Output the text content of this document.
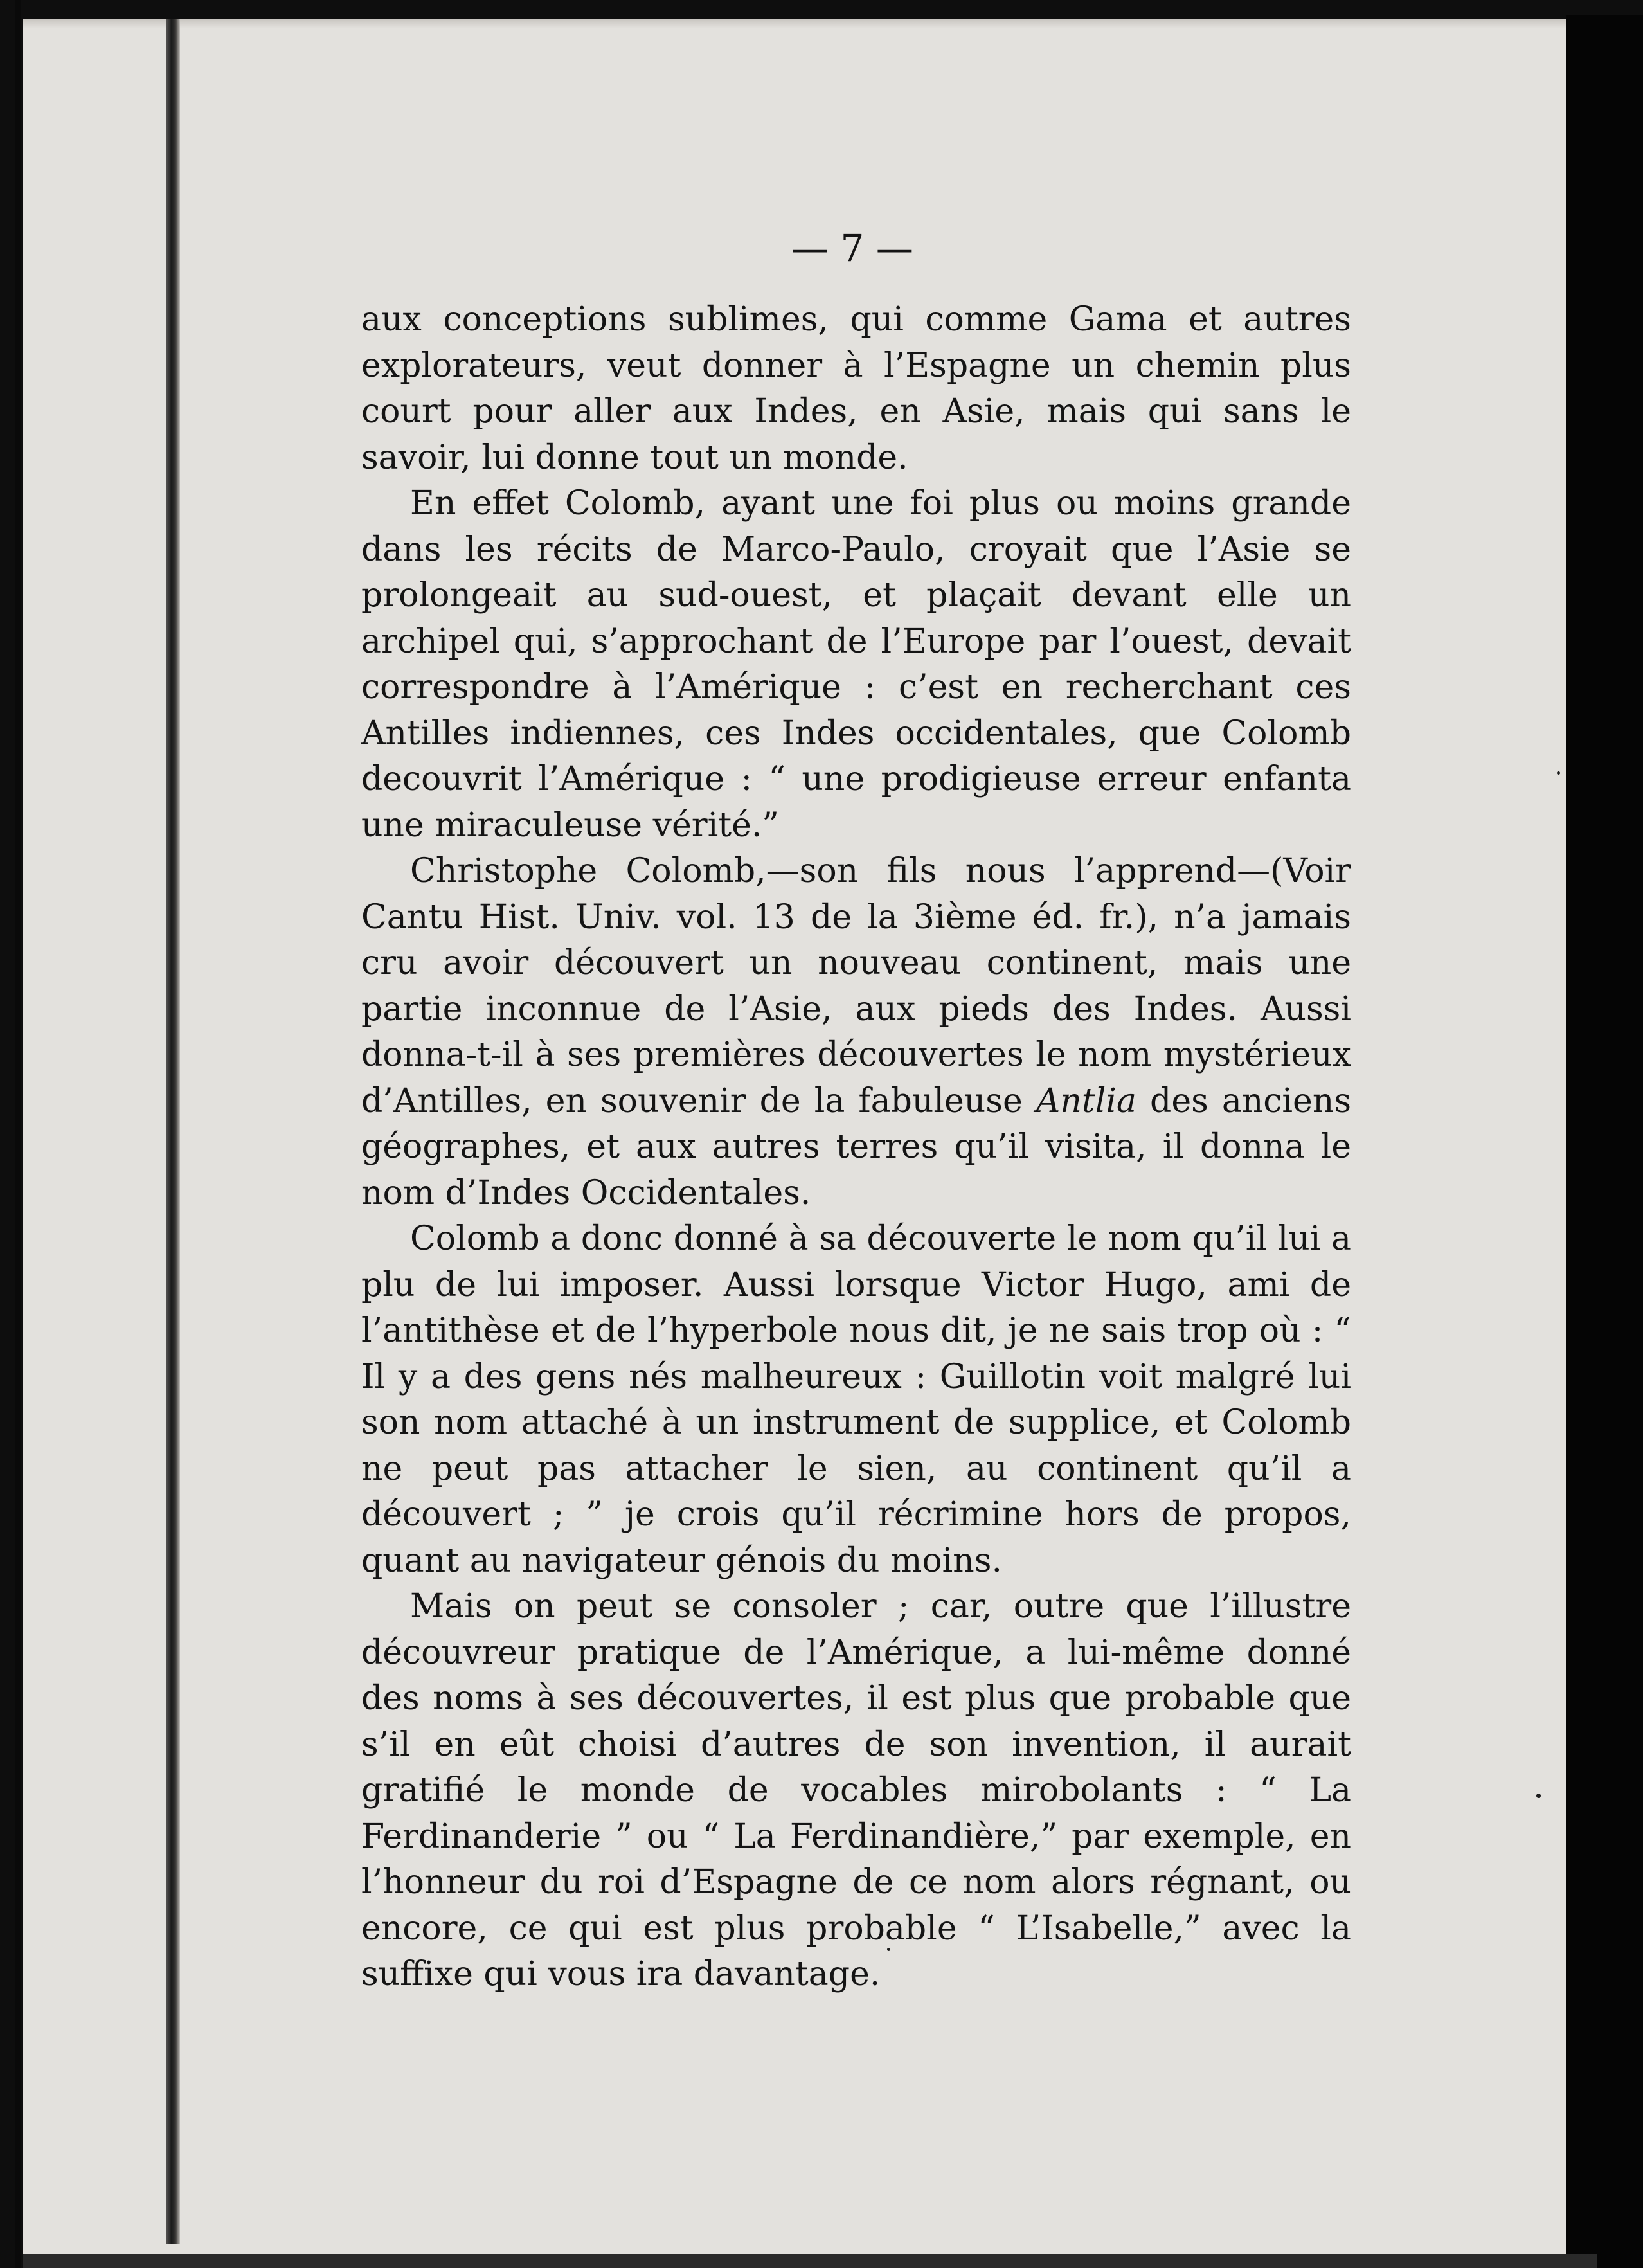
— 7 —

aux conceptions sublimes, qui comme Gama et autres explorateurs, veut donner à l’Espagne un chemin plus court pour aller aux Indes, en Asie, mais qui sans le savoir, lui donne tout un monde.

En effet Colomb, ayant une foi plus ou moins grande dans les récits de Marco-Paulo, croyait que l’Asie se prolongeait au sud-ouest, et plaçait devant elle un archipel qui, s’approchant de l’Europe par l’ouest, devait correspondre à l’Amérique : c’est en recherchant ces Antilles indiennes, ces Indes occidentales, que Colomb decouvrit l’Amérique : “ une prodigieuse erreur enfanta une miraculeuse vérité.”

Christophe Colomb,—son fils nous l’apprend—(Voir Cantu Hist. Univ. vol. 13 de la 3ième éd. fr.), n’a jamais cru avoir découvert un nouveau continent, mais une partie inconnue de l’Asie, aux pieds des Indes. Aussi donna-t-il à ses premières découvertes le nom mystérieux d’Antilles, en souvenir de la fabuleuse Antlia des anciens géographes, et aux autres terres qu’il visita, il donna le nom d’Indes Occidentales.

Colomb a donc donné à sa découverte le nom qu’il lui a plu de lui imposer. Aussi lorsque Victor Hugo, ami de l’antithèse et de l’hyperbole nous dit, je ne sais trop où : “ Il y a des gens nés malheureux : Guillotin voit malgré lui son nom attaché à un instrument de supplice, et Colomb ne peut pas attacher le sien, au continent qu’il a découvert ; ” je crois qu’il récrimine hors de propos, quant au navigateur génois du moins.

Mais on peut se consoler ; car, outre que l’illustre découvreur pratique de l’Amérique, a lui-même donné des noms à ses découvertes, il est plus que probable que s’il en eût choisi d’autres de son invention, il aurait gratifié le monde de vocables mirobolants : “ La Ferdinanderie ” ou “ La Ferdinandière,” par exemple, en l’honneur du roi d’Espagne de ce nom alors régnant, ou encore, ce qui est plus probable “ L’Isabelle,” avec la suffixe qui vous ira davantage.
